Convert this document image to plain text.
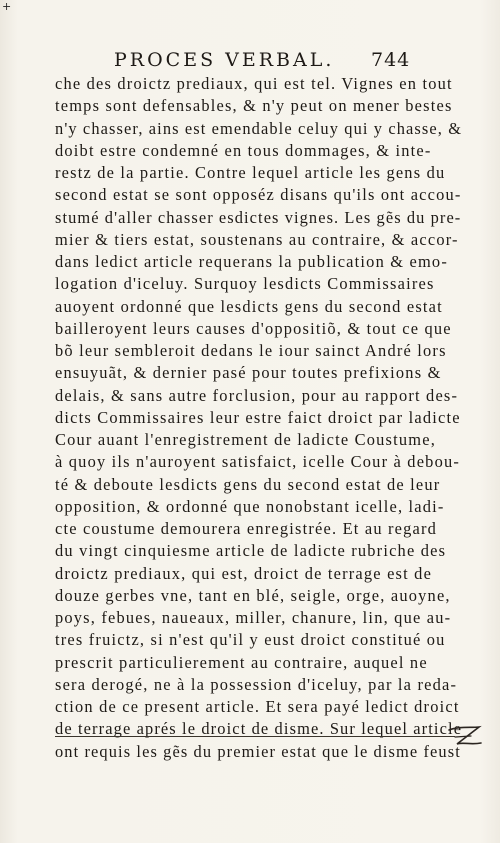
+
PROCES VERBAL. 744
che des droictz prediaux, qui est tel. Vignes en tout
temps sont defensables, & n'y peut on mener bestes
n'y chasser, ains est emendable celuy qui y chasse, &
doibt estre condemné en tous dommages, & inte-
restz de la partie. Contre lequel article les gens du
second estat se sont opposéz disans qu'ils ont accou-
stumé d'aller chasser esdictes vignes. Les gẽs du pre-
mier & tiers estat, soustenans au contraire, & accor-
dans ledict article requerans la publication & emo-
logation d'iceluy. Surquoy lesdicts Commissaires
auoyent ordonné que lesdicts gens du second estat
bailleroyent leurs causes d'oppositiõ, & tout ce que
bõ leur sembleroit dedans le iour sainct André lors
ensuyuãt, & dernier pasé pour toutes prefixions &
delais, & sans autre forclusion, pour au rapport des-
dicts Commissaires leur estre faict droict par ladicte
Cour auant l'enregistrement de ladicte Coustume,
à quoy ils n'auroyent satisfaict, icelle Cour à debou-
té & deboute lesdicts gens du second estat de leur
opposition, & ordonné que nonobstant icelle, ladi-
cte coustume demourera enregistrée. Et au regard
du vingt cinquiesme article de ladicte rubriche des
droictz prediaux, qui est, droict de terrage est de
douze gerbes vne, tant en blé, seigle, orge, auoyne,
poys, febues, naueaux, miller, chanure, lin, que au-
tres fruictz, si n'est qu'il y eust droict constitué ou
prescrit particulierement au contraire, auquel ne
sera derogé, ne à la possession d'iceluy, par la reda-
ction de ce present article. Et sera payé ledict droict
de terrage aprés le droict de disme. Sur lequel article
ont requis les gẽs du premier estat que le disme feust
